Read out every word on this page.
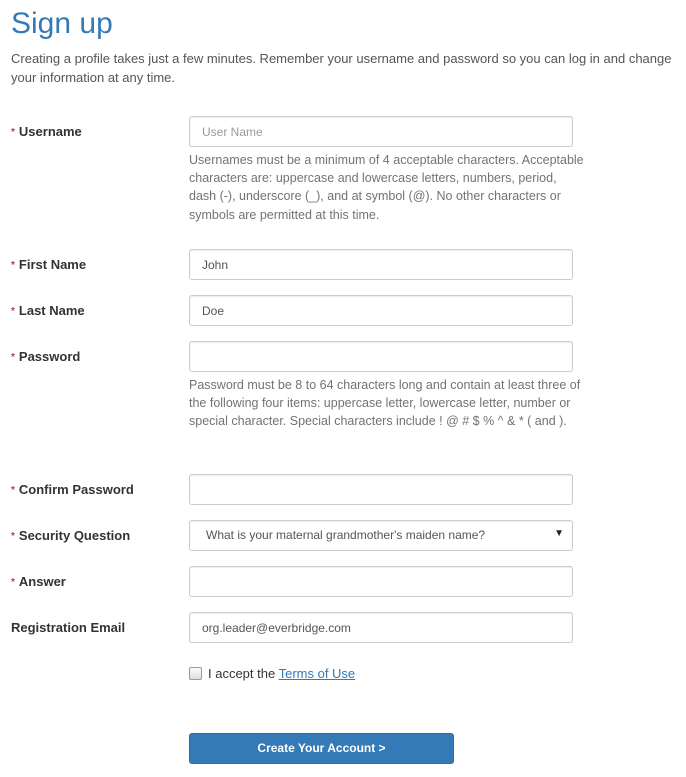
Sign up

Creating a profile takes just a few minutes. Remember your username and password so you can log in and change your information at any time.

* Username
User Name

Usernames must be a minimum of 4 acceptable characters. Acceptable characters are: uppercase and lowercase letters, numbers, period, dash (-), underscore (_), and at symbol (@). No other characters or symbols are permitted at this time.

* First Name
John
* Last Name
Doe
* Password

Password must be 8 to 64 characters long and contain at least three of the following four items: uppercase letter, lowercase letter, number or special character. Special characters include ! @ # $ % ^ & * ( and ).

* Confirm Password
* Security Question	What is your maternal grandmother's maiden name?	▼
* Answer
Registration Email
org.leader@everbridge.com
I accept the Terms of Use
Create Your Account >
